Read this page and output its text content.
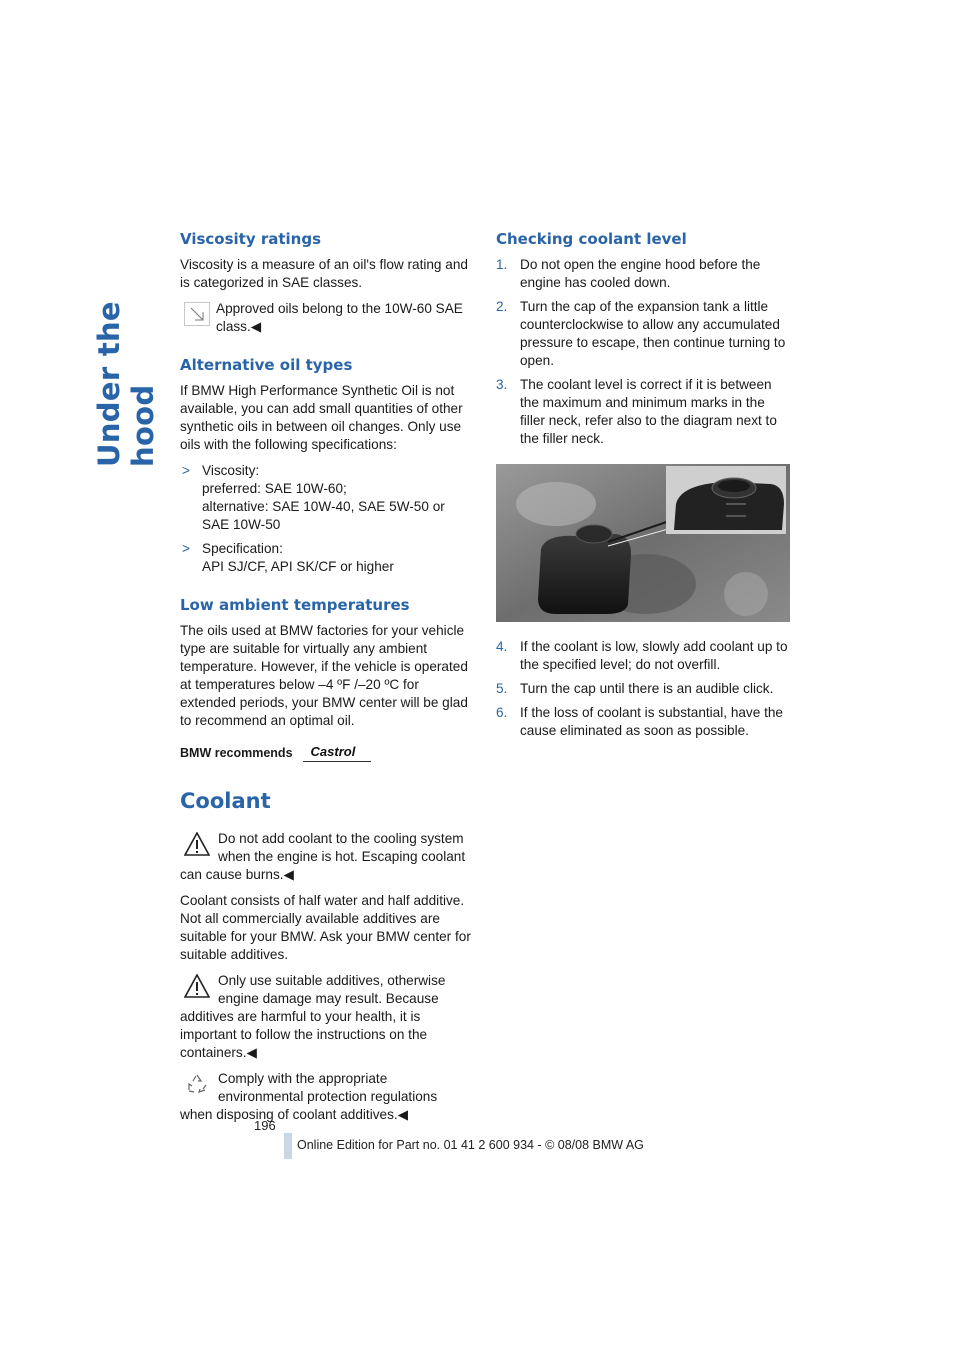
Under the hood
Viscosity ratings

Viscosity is a measure of an oil's flow rating and is categorized in SAE classes.

Approved oils belong to the 10W-60 SAE class.◀
Alternative oil types

If BMW High Performance Synthetic Oil is not available, you can add small quantities of other synthetic oils in between oil changes. Only use oils with the following specifications:

> Viscosity:
preferred: SAE 10W-60;
alternative: SAE 10W-40, SAE 5W-50 or SAE 10W-50
> Specification:
API SJ/CF, API SK/CF or higher
Low ambient temperatures

The oils used at BMW factories for your vehicle type are suitable for virtually any ambient temperature. However, if the vehicle is operated at temperatures below –4 ºF /–20 ºC for extended periods, your BMW center will be glad to recommend an optimal oil.

BMW recommends Castrol
Coolant
Do not add coolant to the cooling system when the engine is hot. Escaping coolant can cause burns.◀

Coolant consists of half water and half additive. Not all commercially available additives are suitable for your BMW. Ask your BMW center for suitable additives.

Only use suitable additives, otherwise engine damage may result. Because additives are harmful to your health, it is important to follow the instructions on the containers.◀
Comply with the appropriate environmental protection regulations when disposing of coolant additives.◀
Checking coolant level
1. Do not open the engine hood before the engine has cooled down.
2. Turn the cap of the expansion tank a little counterclockwise to allow any accumulated pressure to escape, then continue turning to open.
3. The coolant level is correct if it is between the maximum and minimum marks in the filler neck, refer also to the diagram next to the filler neck.
4. If the coolant is low, slowly add coolant up to the specified level; do not overfill.
5. Turn the cap until there is an audible click.
6. If the loss of coolant is substantial, have the cause eliminated as soon as possible.
196
Online Edition for Part no. 01 41 2 600 934 - © 08/08 BMW AG
